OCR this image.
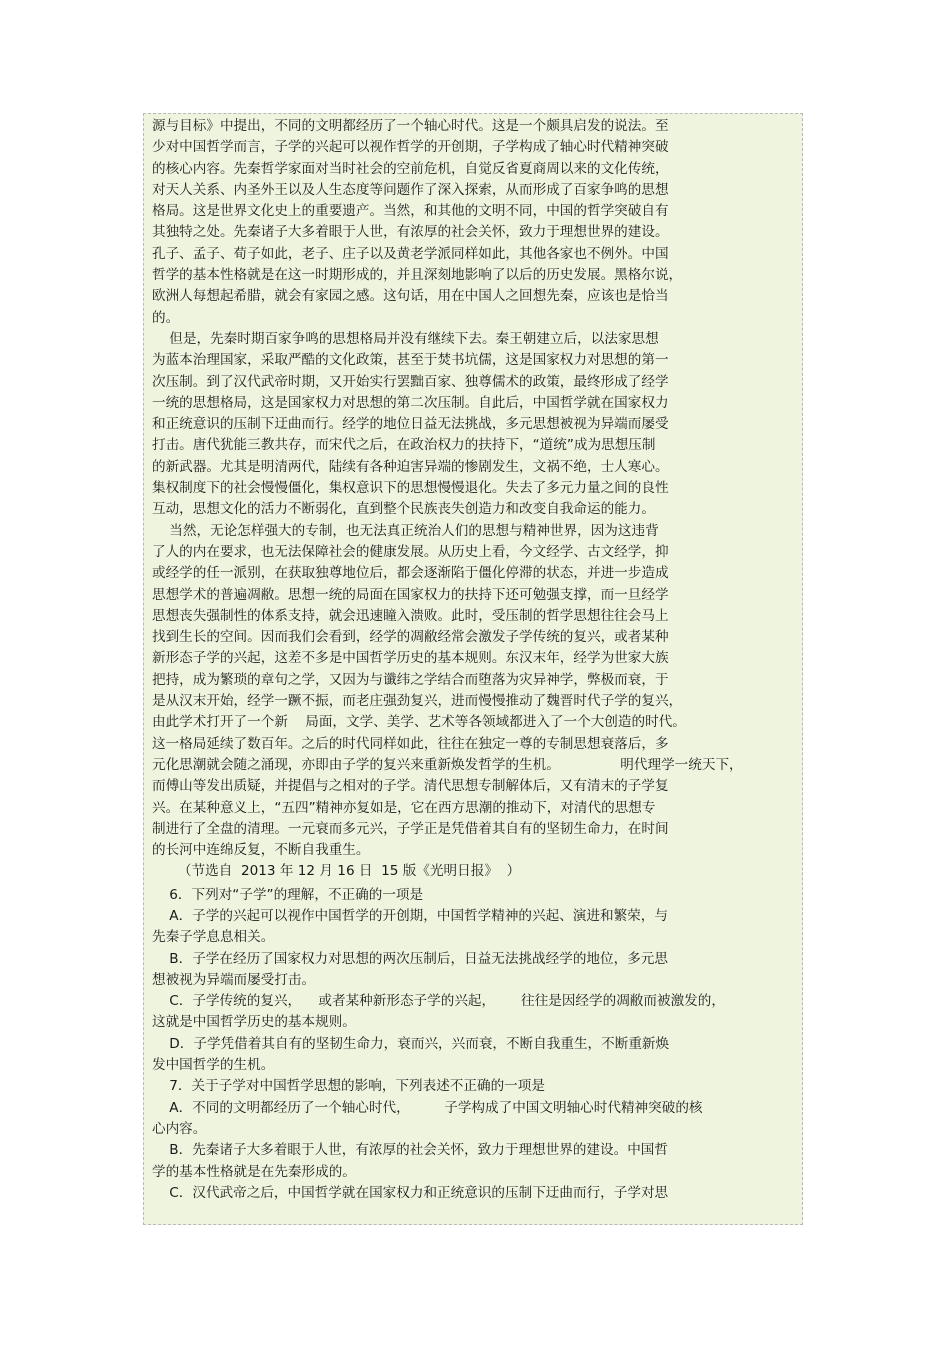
源与目标》中提出，不同的文明都经历了一个轴心时代。这是一个颇具启发的说法。至
少对中国哲学而言，子学的兴起可以视作哲学的开创期，子学构成了轴心时代精神突破
的核心内容。先秦哲学家面对当时社会的空前危机，自觉反省夏商周以来的文化传统，
对天人关系、内圣外王以及人生态度等问题作了深入探索，从而形成了百家争鸣的思想
格局。这是世界文化史上的重要遗产。当然，和其他的文明不同，中国的哲学突破自有
其独特之处。先秦诸子大多着眼于人世，有浓厚的社会关怀，致力于理想世界的建设。
孔子、孟子、荀子如此，老子、庄子以及黄老学派同样如此，其他各家也不例外。中国
哲学的基本性格就是在这一时期形成的，并且深刻地影响了以后的历史发展。黑格尔说，
欧洲人每想起希腊，就会有家园之感。这句话，用在中国人之回想先秦，应该也是恰当
的。
但是，先秦时期百家争鸣的思想格局并没有继续下去。秦王朝建立后，以法家思想
为蓝本治理国家，采取严酷的文化政策，甚至于焚书坑儒，这是国家权力对思想的第一
次压制。到了汉代武帝时期，又开始实行罢黜百家、独尊儒术的政策，最终形成了经学
一统的思想格局，这是国家权力对思想的第二次压制。自此后，中国哲学就在国家权力
和正统意识的压制下迂曲而行。经学的地位日益无法挑战，多元思想被视为异端而屡受
打击。唐代犹能三教共存，而宋代之后，在政治权力的扶持下，“道统”成为思想压制
的新武器。尤其是明清两代，陆续有各种迫害异端的惨剧发生，文祸不绝，士人寒心。
集权制度下的社会慢慢僵化，集权意识下的思想慢慢退化。失去了多元力量之间的良性
互动，思想文化的活力不断弱化，直到整个民族丧失创造力和改变自我命运的能力。
当然，无论怎样强大的专制，也无法真正统治人们的思想与精神世界，因为这违背
了人的内在要求，也无法保障社会的健康发展。从历史上看，今文经学、古文经学，抑
或经学的任一派别，在获取独尊地位后，都会逐渐陷于僵化停滞的状态，并进一步造成
思想学术的普遍凋敝。思想一统的局面在国家权力的扶持下还可勉强支撑，而一旦经学
思想丧失强制性的体系支持，就会迅速瞳入溃败。此时，受压制的哲学思想往往会马上
找到生长的空间。因而我们会看到，经学的凋敝经常会激发子学传统的复兴，或者某种
新形态子学的兴起，这差不多是中国哲学历史的基本规则。东汉末年，经学为世家大族
把持，成为繁琐的章句之学，又因为与谶纬之学结合而堕落为灾异神学，弊极而衰，于
是从汉末开始，经学一蹶不振，而老庄强劲复兴，进而慢慢推动了魏晋时代子学的复兴，
由此学术打开了一个新    局面，文学、美学、艺术等各领域都进入了一个大创造的时代。
这一格局延续了数百年。之后的时代同样如此，往往在独定一尊的专制思想衰落后，多
元化思潮就会随之涌现，亦即由子学的复兴来重新焕发哲学的生机。              明代理学一统天下，
而傅山等发出质疑，并提倡与之相对的子学。清代思想专制解体后，又有清末的子学复
兴。在某种意义上，“五四”精神亦复如是，它在西方思潮的推动下，对清代的思想专
制进行了全盘的清理。一元衰而多元兴，子学正是凭借着其自有的坚韧生命力，在时间
的长河中连绵反复，不断自我重生。
（节选自  2013 年 12 月 16 日  15 版《光明日报》  ）
6．下列对“子学”的理解，不正确的一项是
A．子学的兴起可以视作中国哲学的开创期，中国哲学精神的兴起、演进和繁荣，与
先秦子学息息相关。
B．子学在经历了国家权力对思想的两次压制后，日益无法挑战经学的地位，多元思
想被视为异端而屡受打击。
C．子学传统的复兴，    或者某种新形态子学的兴起，      往往是因经学的凋敝而被激发的，
这就是中国哲学历史的基本规则。
D．子学凭借着其自有的坚韧生命力，衰而兴，兴而衰，不断自我重生，不断重新焕
发中国哲学的生机。
7．关于子学对中国哲学思想的影响，下列表述不正确的一项是
A．不同的文明都经历了一个轴心时代，        子学构成了中国文明轴心时代精神突破的核
心内容。
B．先秦诸子大多着眼于人世，有浓厚的社会关怀，致力于理想世界的建设。中国哲
学的基本性格就是在先秦形成的。
C．汉代武帝之后，中国哲学就在国家权力和正统意识的压制下迂曲而行，子学对思
